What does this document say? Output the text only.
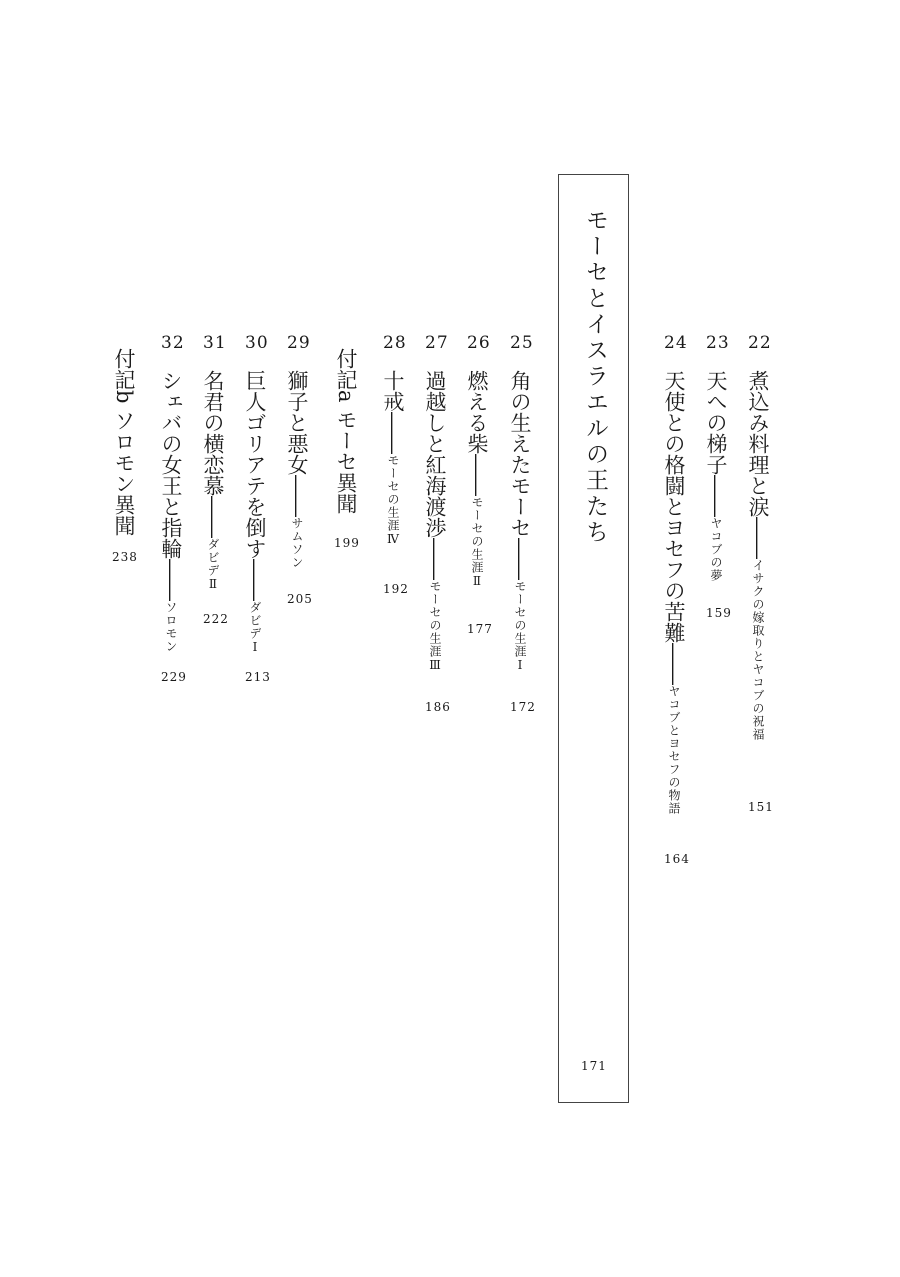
モーセとイスラエルの王たち
171
22
煮込み料理と涙――イサクの嫁取りとヤコブの祝福
151
23
天への梯子――ヤコブの夢
159
24
天使との格闘とヨセフの苦難――ヤコブとヨセフの物語
164
25
角の生えたモーセ――モーセの生涯Ⅰ
172
26
燃える柴――モーセの生涯Ⅱ
177
27
過越しと紅海渡渉――モーセの生涯Ⅲ
186
28
十戒――モーセの生涯Ⅳ
192
付記a モーセ異聞
199
29
獅子と悪女――サムソン
205
30
巨人ゴリアテを倒す――ダビデⅠ
213
31
名君の横恋慕――ダビデⅡ
222
32
シェバの女王と指輪――ソロモン
229
付記b ソロモン異聞
238
